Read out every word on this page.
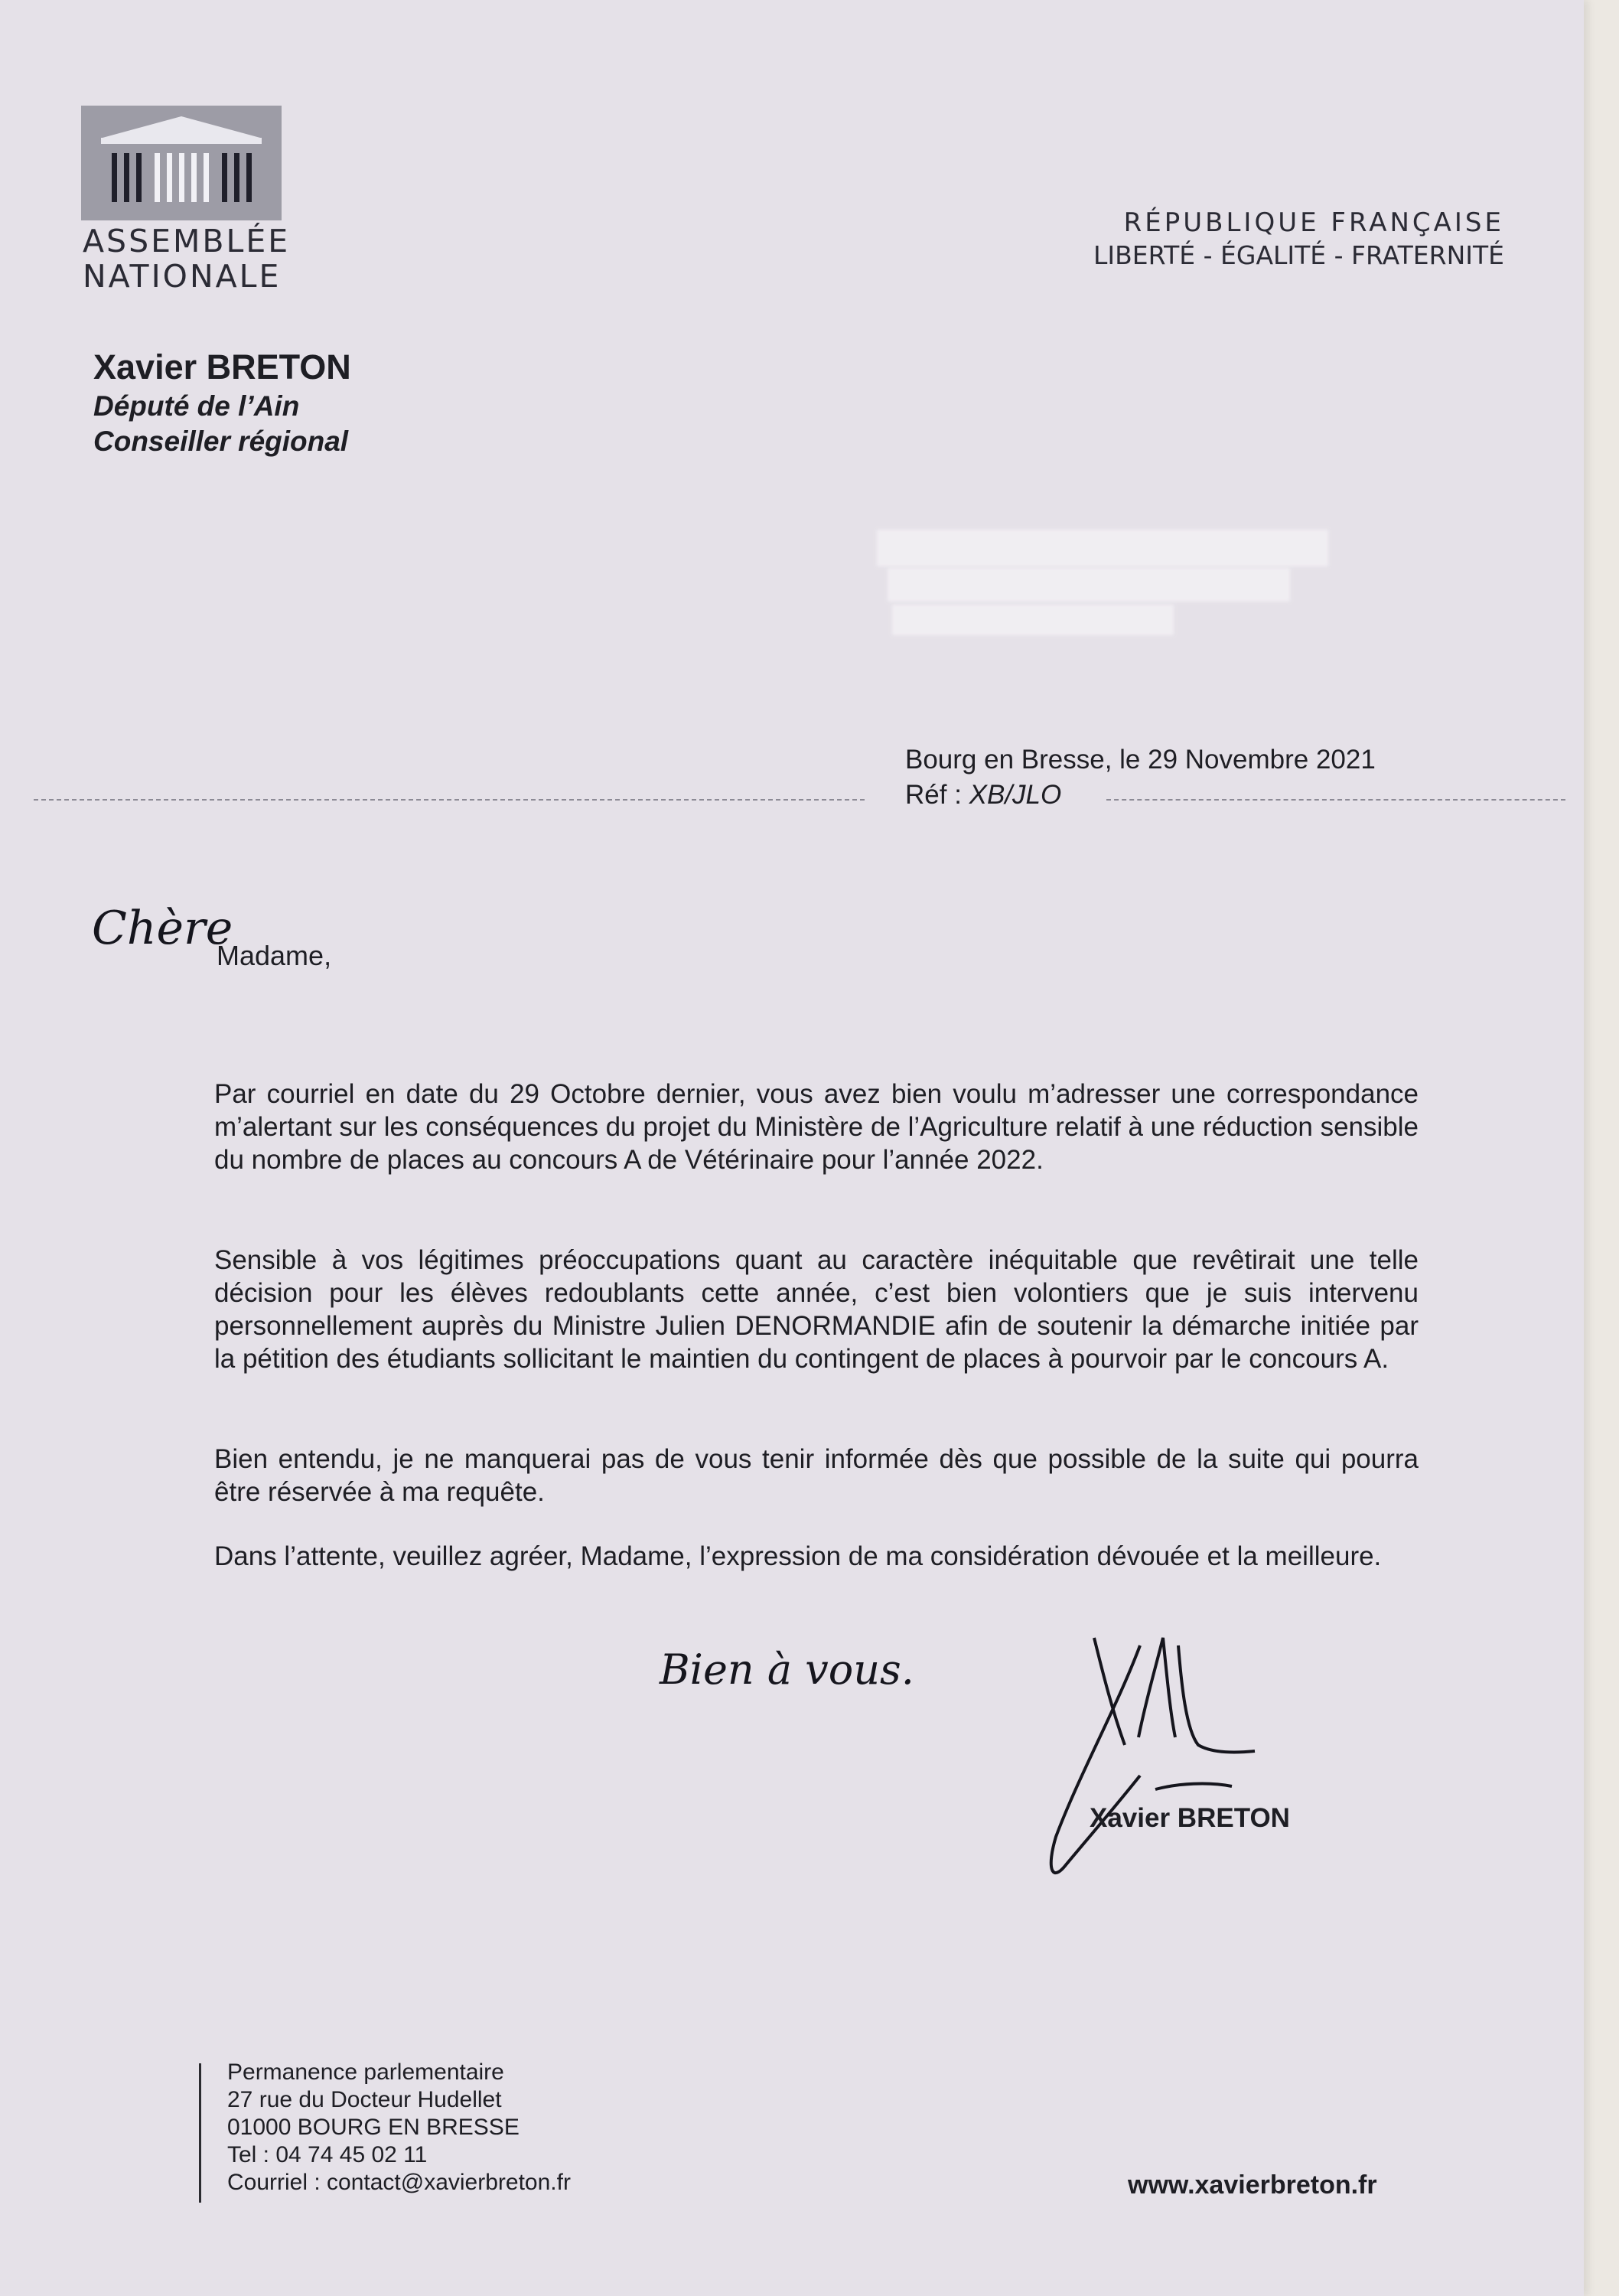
ASSEMBLÉE
NATIONALE
RÉPUBLIQUE FRANÇAISE
LIBERTÉ - ÉGALITÉ - FRATERNITÉ
Xavier BRETON
Député de l’Ain
Conseiller régional
Bourg en Bresse, le 29 Novembre 2021
Réf : XB/JLO
Chère
Madame,

Par courriel en date du 29 Octobre dernier, vous avez bien voulu m’adresser une correspondance m’alertant sur les conséquences du projet du Ministère de l’Agriculture relatif à une réduction sensible du nombre de places au concours A de Vétérinaire pour l’année 2022.

Sensible à vos légitimes préoccupations quant au caractère inéquitable que revêtirait une telle décision pour les élèves redoublants cette année, c’est bien volontiers que je suis intervenu personnellement auprès du Ministre Julien DENORMANDIE afin de soutenir la démarche initiée par la pétition des étudiants sollicitant le maintien du contingent de places à pourvoir par le concours A.

Bien entendu, je ne manquerai pas de vous tenir informée dès que possible de la suite qui pourra être réservée à ma requête.

Dans l’attente, veuillez agréer, Madame, l’expression de ma considération dévouée et la meilleure.

Bien à vous.
Xavier BRETON
Permanence parlementaire
27 rue du Docteur Hudellet
01000 BOURG EN BRESSE
Tel : 04 74 45 02 11
Courriel : contact@xavierbreton.fr	www.xavierbreton.fr
